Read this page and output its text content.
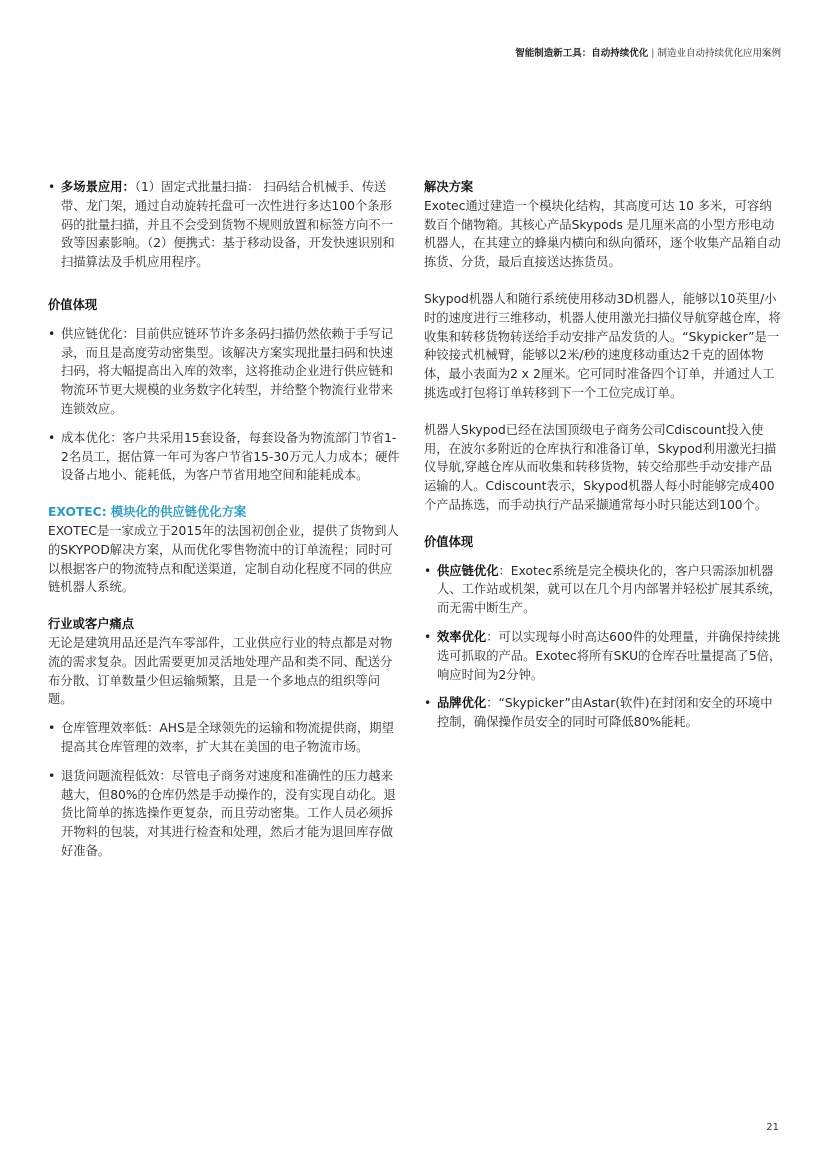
智能制造新工具：自动持续优化 | 制造业自动持续优化应用案例

• 多场景应用：（1）固定式批量扫描： 扫码结合机械手、传送带、龙门架，通过自动旋转托盘可一次性进行多达100个条形码的批量扫描，并且不会受到货物不规则放置和标签方向不一致等因素影响。（2）便携式：基于移动设备，开发快速识别和扫描算法及手机应用程序。

价值体现

• 供应链优化：目前供应链环节许多条码扫描仍然依赖于手写记录，而且是高度劳动密集型。该解决方案实现批量扫码和快速扫码，将大幅提高出入库的效率，这将推动企业进行供应链和物流环节更大规模的业务数字化转型，并给整个物流行业带来连锁效应。

• 成本优化：客户共采用15套设备，每套设备为物流部门节省1-2名员工，据估算一年可为客户节省15-30万元人力成本；硬件设备占地小、能耗低，为客户节省用地空间和能耗成本。

EXOTEC: 模块化的供应链优化方案

EXOTEC是一家成立于2015年的法国初创企业，提供了货物到人的SKYPOD解决方案，从而优化零售物流中的订单流程；同时可以根据客户的物流特点和配送渠道，定制自动化程度不同的供应链机器人系统。

行业或客户痛点

无论是建筑用品还是汽车零部件，工业供应行业的特点都是对物流的需求复杂。因此需要更加灵活地处理产品和类不同、配送分布分散、订单数量少但运输频繁，且是一个多地点的组织等问题。

• 仓库管理效率低：AHS是全球领先的运输和物流提供商，期望提高其仓库管理的效率，扩大其在美国的电子物流市场。

• 退货问题流程低效：尽管电子商务对速度和准确性的压力越来越大，但80%的仓库仍然是手动操作的，没有实现自动化。退货比简单的拣选操作更复杂，而且劳动密集。工作人员必须拆开物料的包装，对其进行检查和处理，然后才能为退回库存做好准备。

解决方案

Exotec通过建造一个模块化结构，其高度可达 10 多米，可容纳数百个储物箱。其核心产品Skypods 是几厘米高的小型方形电动机器人，在其建立的蜂巢内横向和纵向循环，逐个收集产品箱自动拣货、分货，最后直接送达拣货员。

Skypod机器人和随行系统使用移动3D机器人，能够以10英里/小时的速度进行三维移动，机器人使用激光扫描仪导航穿越仓库，将收集和转移货物转送给手动安排产品发货的人。“Skypicker”是一种铰接式机械臂，能够以2米/秒的速度移动重达2千克的固体物体，最小表面为2 x 2厘米。它可同时准备四个订单，并通过人工挑选或打包将订单转移到下一个工位完成订单。

机器人Skypod已经在法国顶级电子商务公司Cdiscount投入使用，在波尔多附近的仓库执行和准备订单，Skypod利用激光扫描仪导航,穿越仓库从而收集和转移货物，转交给那些手动安排产品运输的人。Cdiscount表示，Skypod机器人每小时能够完成400个产品拣选，而手动执行产品采撷通常每小时只能达到100个。

价值体现

• 供应链优化：Exotec系统是完全模块化的，客户只需添加机器人、工作站或机架，就可以在几个月内部署并轻松扩展其系统，而无需中断生产。

• 效率优化：可以实现每小时高达600件的处理量，并确保持续挑选可抓取的产品。Exotec将所有SKU的仓库吞吐量提高了5倍，响应时间为2分钟。

• 品牌优化：“Skypicker”由Astar(软件)在封闭和安全的环境中控制，确保操作员安全的同时可降低80%能耗。

21
